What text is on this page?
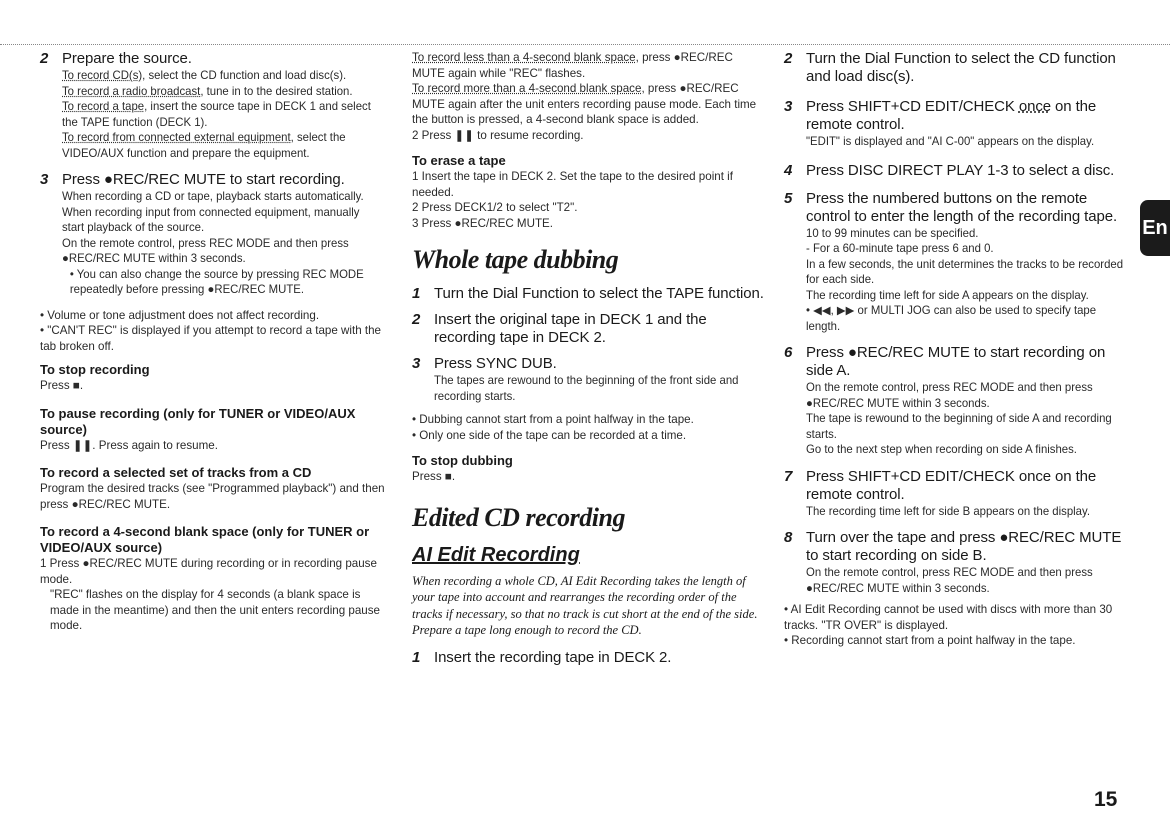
2 Prepare the source.
To record CD(s), select the CD function and load disc(s).
To record a radio broadcast, tune in to the desired station.
To record a tape, insert the source tape in DECK 1 and select the TAPE function (DECK 1).
To record from connected external equipment, select the VIDEO/AUX function and prepare the equipment.
3 Press ●REC/REC MUTE to start recording.
When recording a CD or tape, playback starts automatically.
When recording input from connected equipment, manually start playback of the source.
On the remote control, press REC MODE and then press ●REC/REC MUTE within 3 seconds.
• You can also change the source by pressing REC MODE repeatedly before pressing ●REC/REC MUTE.
• Volume or tone adjustment does not affect recording.
• "CAN'T REC" is displayed if you attempt to record a tape with the tab broken off.
To stop recording
Press ■.
To pause recording (only for TUNER or VIDEO/AUX source)
Press ❚❚. Press again to resume.
To record a selected set of tracks from a CD
Program the desired tracks (see "Programmed playback") and then press ●REC/REC MUTE.
To record a 4-second blank space (only for TUNER or VIDEO/AUX source)
1 Press ●REC/REC MUTE during recording or in recording pause mode.
"REC" flashes on the display for 4 seconds (a blank space is made in the meantime) and then the unit enters recording pause mode.
To record less than a 4-second blank space, press ●REC/REC MUTE again while "REC" flashes.
To record more than a 4-second blank space, press ●REC/REC MUTE again after the unit enters recording pause mode. Each time the button is pressed, a 4-second blank space is added.
2 Press ❚❚ to resume recording.
To erase a tape
1 Insert the tape in DECK 2. Set the tape to the desired point if needed.
2 Press DECK1/2 to select "T2".
3 Press ●REC/REC MUTE.
Whole tape dubbing
1 Turn the Dial Function to select the TAPE function.
2 Insert the original tape in DECK 1 and the recording tape in DECK 2.
3 Press SYNC DUB.
The tapes are rewound to the beginning of the front side and recording starts.
• Dubbing cannot start from a point halfway in the tape.
• Only one side of the tape can be recorded at a time.
To stop dubbing
Press ■.
Edited CD recording
AI Edit Recording
When recording a whole CD, AI Edit Recording takes the length of your tape into account and rearranges the recording order of the tracks if necessary, so that no track is cut short at the end of the side. Prepare a tape long enough to record the CD.
1 Insert the recording tape in DECK 2.
2 Turn the Dial Function to select the CD function and load disc(s).
3 Press SHIFT+CD EDIT/CHECK once on the remote control.
"EDIT" is displayed and "AI C-00" appears on the display.
4 Press DISC DIRECT PLAY 1-3 to select a disc.
5 Press the numbered buttons on the remote control to enter the length of the recording tape.
10 to 99 minutes can be specified.
- For a 60-minute tape press 6 and 0.
In a few seconds, the unit determines the tracks to be recorded for each side.
The recording time left for side A appears on the display.
• ◀◀, ▶▶ or MULTI JOG can also be used to specify tape length.
6 Press ●REC/REC MUTE to start recording on side A.
On the remote control, press REC MODE and then press ●REC/REC MUTE within 3 seconds.
The tape is rewound to the beginning of side A and recording starts.
Go to the next step when recording on side A finishes.
7 Press SHIFT+CD EDIT/CHECK once on the remote control.
The recording time left for side B appears on the display.
8 Turn over the tape and press ●REC/REC MUTE to start recording on side B.
On the remote control, press REC MODE and then press ●REC/REC MUTE within 3 seconds.
• AI Edit Recording cannot be used with discs with more than 30 tracks. "TR OVER" is displayed.
• Recording cannot start from a point halfway in the tape.
En
15
